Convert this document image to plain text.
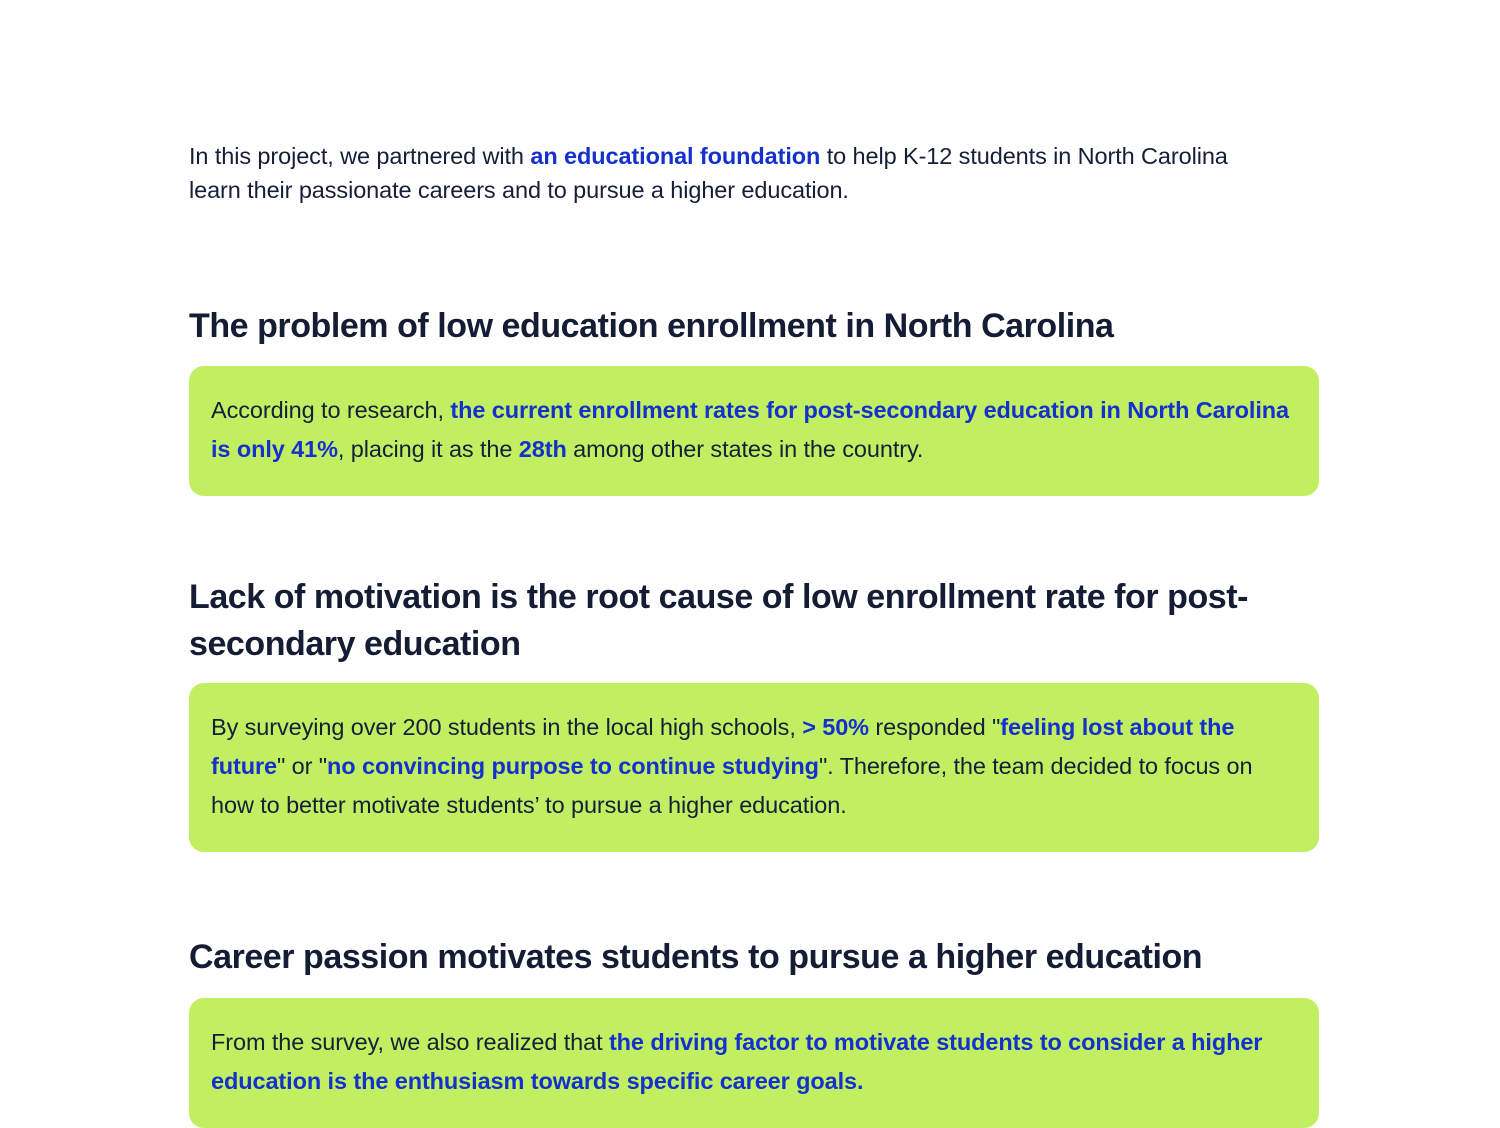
In this project, we partnered with an educational foundation to help K-12 students in North Carolina learn their passionate careers and to pursue a higher education.

The problem of low education enrollment in North Carolina

According to research, the current enrollment rates for post-secondary education in North Carolina is only 41%, placing it as the 28th among other states in the country.

Lack of motivation is the root cause of low enrollment rate for post-secondary education

By surveying over 200 students in the local high schools, > 50% responded "feeling lost about the future" or "no convincing purpose to continue studying". Therefore, the team decided to focus on how to better motivate students’ to pursue a higher education.

Career passion motivates students to pursue a higher education

From the survey, we also realized that the driving factor to motivate students to consider a higher education is the enthusiasm towards specific career goals.
